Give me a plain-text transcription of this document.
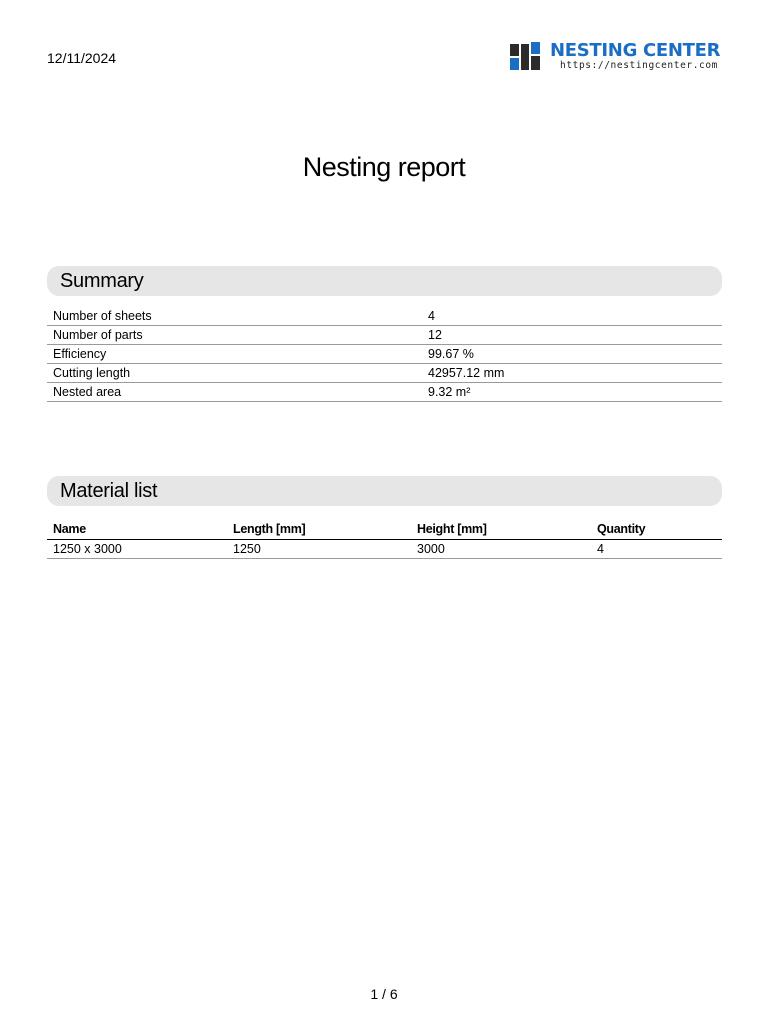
12/11/2024	NESTING CENTER
https://nestingcenter.com
Nesting report
Summary
Number of sheets	4
Number of parts	12
Efficiency	99.67 %
Cutting length	42957.12 mm
Nested area	9.32 m²
Material list
Name	Length [mm]	Height [mm]	Quantity
1250 x 3000	1250	3000	4
1 / 6
